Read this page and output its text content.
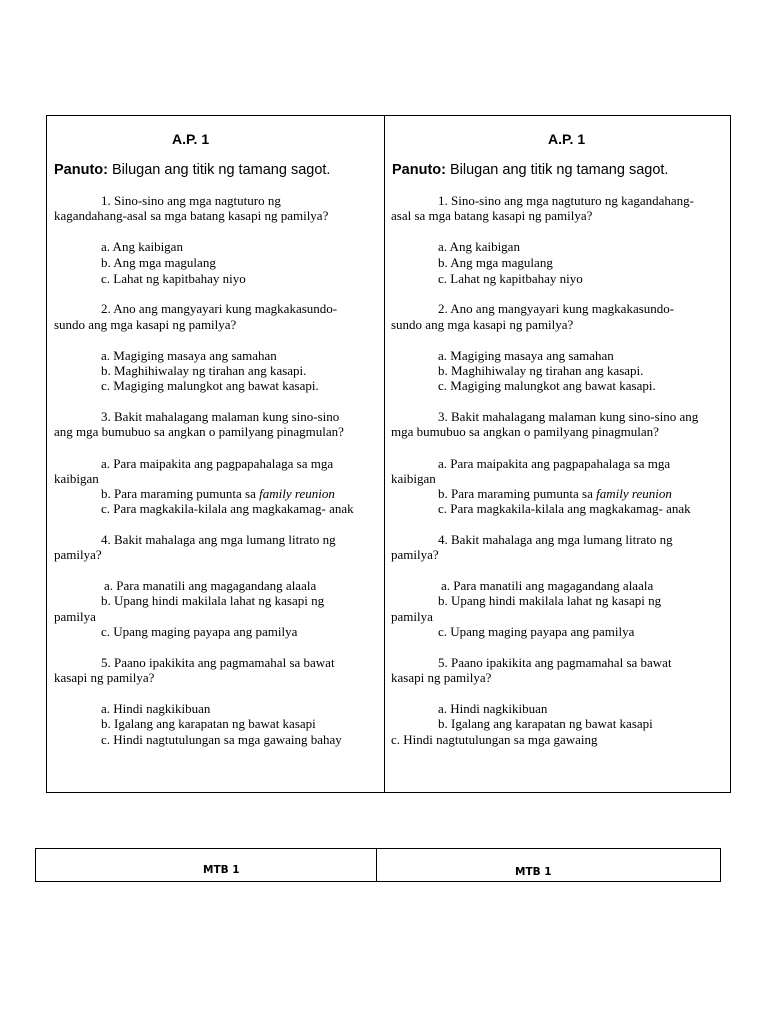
A.P. 1
Panuto: Bilugan ang titik ng tamang sagot.
1. Sino-sino ang mga nagtuturo ng
kagandahang-asal sa mga batang kasapi ng pamilya?
a. Ang kaibigan
b. Ang mga magulang
c. Lahat ng kapitbahay niyo
2. Ano ang mangyayari kung magkakasundo-
sundo ang mga kasapi ng pamilya?
a. Magiging masaya ang samahan
b. Maghihiwalay ng tirahan ang kasapi.
c. Magiging malungkot ang bawat kasapi.
3. Bakit mahalagang malaman kung sino-sino
ang mga bumubuo sa angkan o pamilyang pinagmulan?
a. Para maipakita ang pagpapahalaga sa mga
kaibigan
b. Para maraming pumunta sa family reunion
c. Para magkakila-kilala ang magkakamag- anak
4. Bakit mahalaga ang mga lumang litrato ng
pamilya?
a. Para manatili ang magagandang alaala
b. Upang hindi makilala lahat ng kasapi ng
pamilya
c. Upang maging payapa ang pamilya
5. Paano ipakikita ang pagmamahal sa bawat
kasapi ng pamilya?
a. Hindi nagkikibuan
b. Igalang ang karapatan ng bawat kasapi
c. Hindi nagtutulungan sa mga gawaing bahay
A.P. 1
Panuto: Bilugan ang titik ng tamang sagot.
1. Sino-sino ang mga nagtuturo ng kagandahang-
asal sa mga batang kasapi ng pamilya?
a. Ang kaibigan
b. Ang mga magulang
c. Lahat ng kapitbahay niyo
2. Ano ang mangyayari kung magkakasundo-
sundo ang mga kasapi ng pamilya?
a. Magiging masaya ang samahan
b. Maghihiwalay ng tirahan ang kasapi.
c. Magiging malungkot ang bawat kasapi.
3. Bakit mahalagang malaman kung sino-sino ang
mga bumubuo sa angkan o pamilyang pinagmulan?
a. Para maipakita ang pagpapahalaga sa mga
kaibigan
b. Para maraming pumunta sa family reunion
c. Para magkakila-kilala ang magkakamag- anak
4. Bakit mahalaga ang mga lumang litrato ng
pamilya?
a. Para manatili ang magagandang alaala
b. Upang hindi makilala lahat ng kasapi ng
pamilya
c. Upang maging payapa ang pamilya
5. Paano ipakikita ang pagmamahal sa bawat
kasapi ng pamilya?
a. Hindi nagkikibuan
b. Igalang ang karapatan ng bawat kasapi
c. Hindi nagtutulungan sa mga gawaing
MTB 1	MTB 1
